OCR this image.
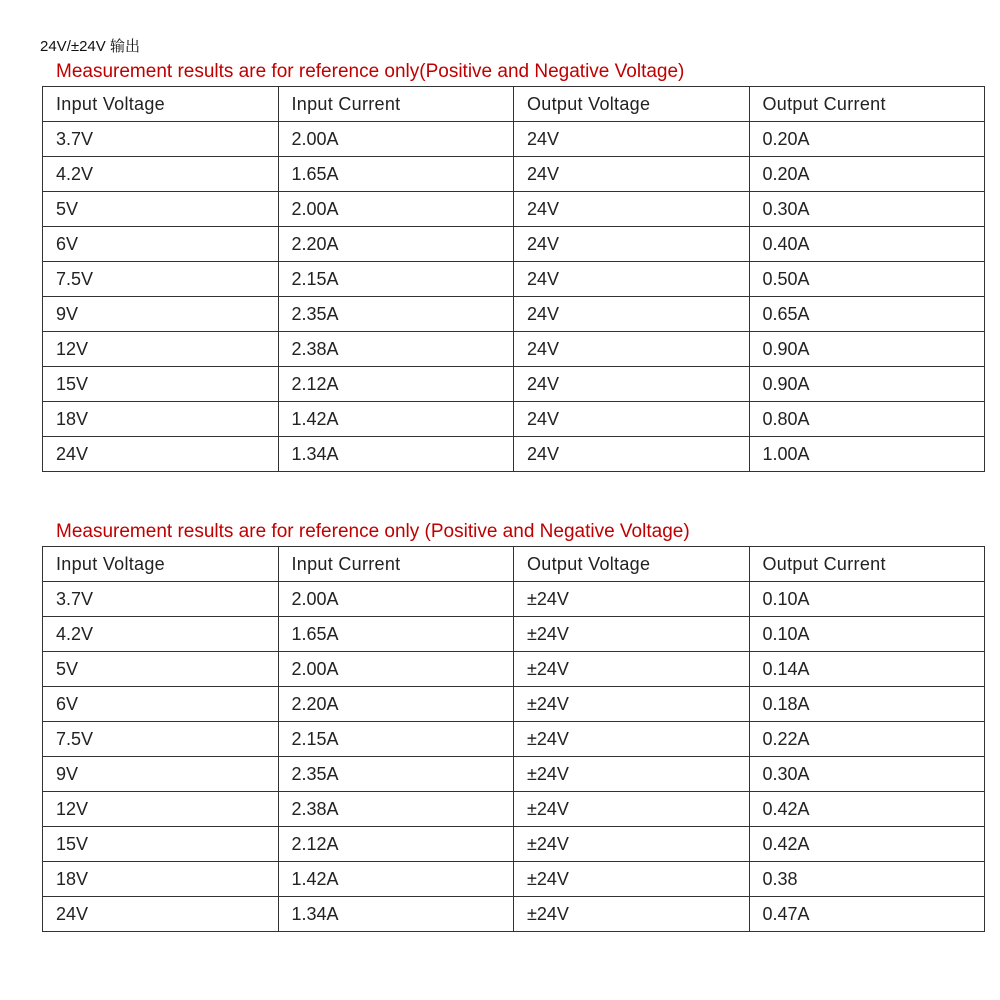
24V/±24V 输出
Measurement results are for reference only(Positive and Negative Voltage)
Input Voltage	Input Current	Output Voltage	Output Current
3.7V	2.00A	24V	0.20A
4.2V	1.65A	24V	0.20A
5V	2.00A	24V	0.30A
6V	2.20A	24V	0.40A
7.5V	2.15A	24V	0.50A
9V	2.35A	24V	0.65A
12V	2.38A	24V	0.90A
15V	2.12A	24V	0.90A
18V	1.42A	24V	0.80A
24V	1.34A	24V	1.00A
Measurement results are for reference only (Positive and Negative Voltage)
Input Voltage	Input Current	Output Voltage	Output Current
3.7V	2.00A	±24V	0.10A
4.2V	1.65A	±24V	0.10A
5V	2.00A	±24V	0.14A
6V	2.20A	±24V	0.18A
7.5V	2.15A	±24V	0.22A
9V	2.35A	±24V	0.30A
12V	2.38A	±24V	0.42A
15V	2.12A	±24V	0.42A
18V	1.42A	±24V	0.38
24V	1.34A	±24V	0.47A
